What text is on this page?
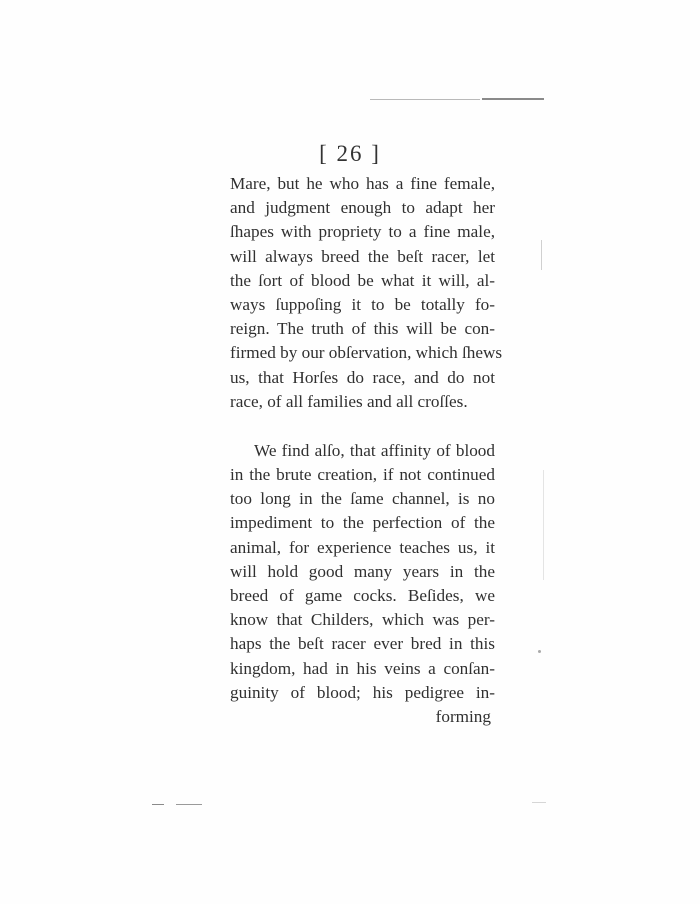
[ 26 ]
Mare, but he who has a fine female,
and judgment enough to adapt her
ſhapes with propriety to a fine male,
will always breed the beſt racer, let
the ſort of blood be what it will, al-
ways ſuppoſing it to be totally fo-
reign. The truth of this will be con-
firmed by our obſervation, which ſhews
us, that Horſes do race, and do not
race, of all families and all croſſes.
We find alſo, that affinity of blood
in the brute creation, if not continued
too long in the ſame channel, is no
impediment to the perfection of the
animal, for experience teaches us, it
will hold good many years in the
breed of game cocks. Beſides, we
know that Childers, which was per-
haps the beſt racer ever bred in this
kingdom, had in his veins a conſan-
guinity of blood; his pedigree in-
forming
